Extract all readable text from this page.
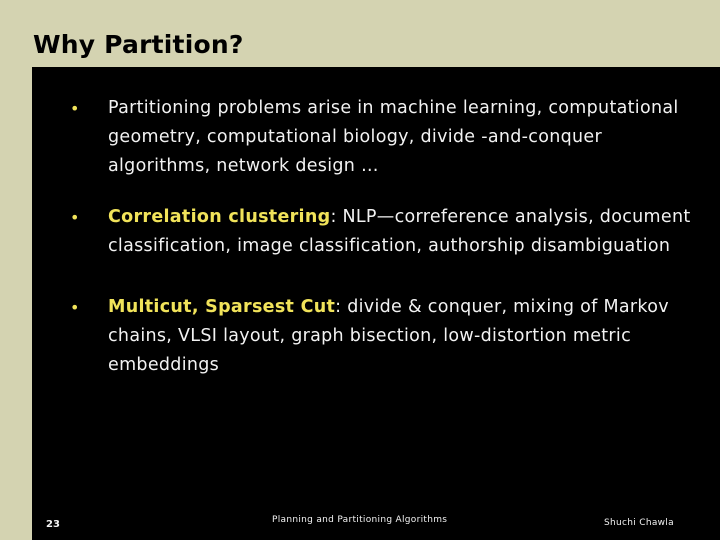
Why Partition?
• Partitioning problems arise in machine learning, computational geometry, computational biology, divide -and-conquer algorithms, network design …
• Correlation clustering: NLP—correference analysis, document classification, image classification, authorship disambiguation
• Multicut, Sparsest Cut: divide & conquer, mixing of Markov chains, VLSI layout, graph bisection, low-distortion metric embeddings
23	Planning and Partitioning Algorithms	Shuchi Chawla
